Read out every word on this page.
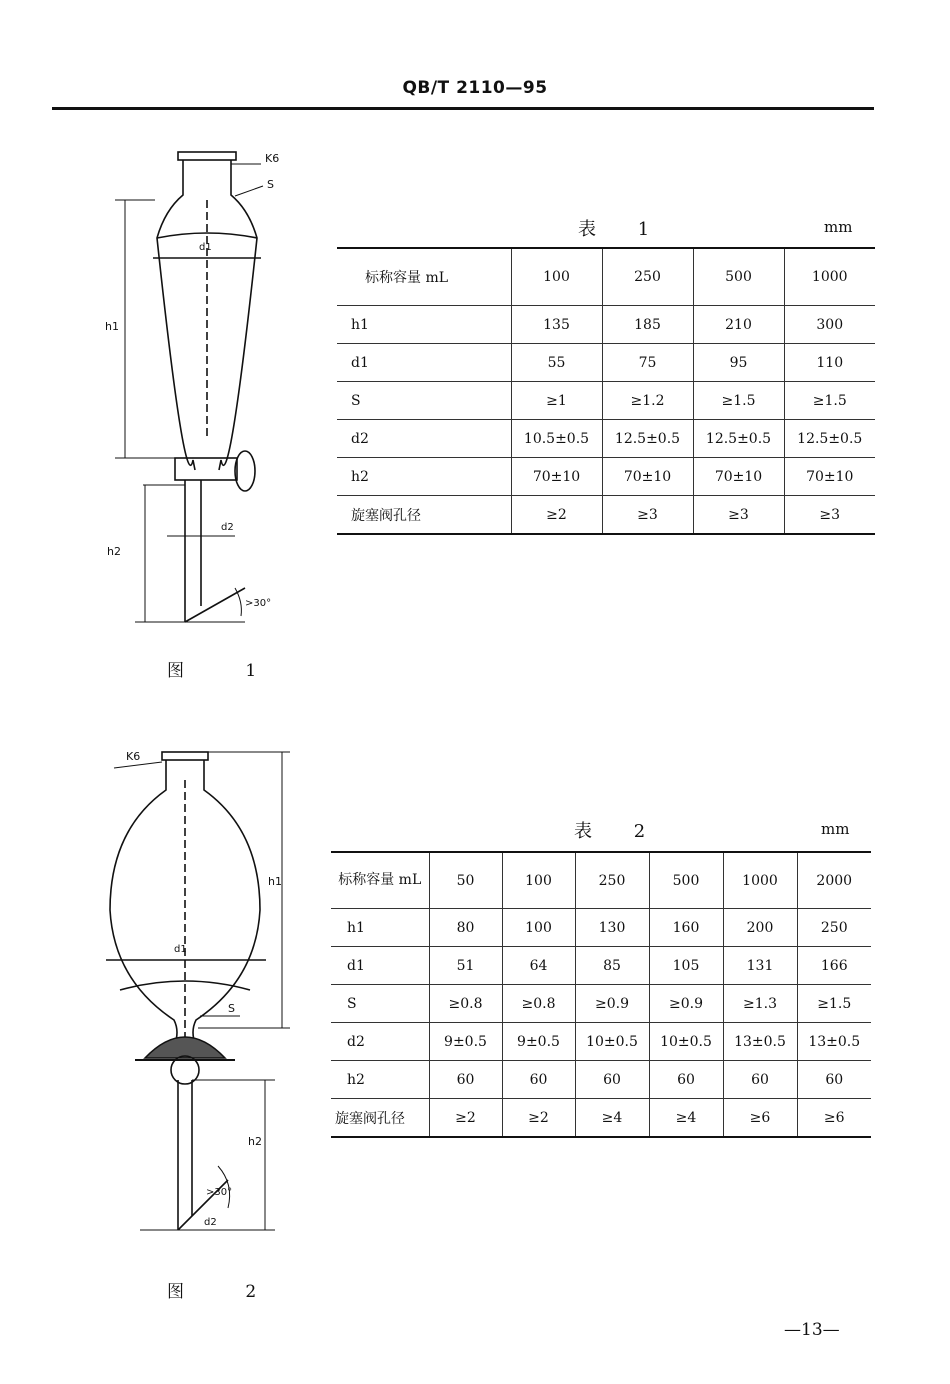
QB/T 2110—95
K6
S
h1
d1
h2
d2
>30°
图 1
表 1	mm
标称容量 mL	100	250	500	1000
h1	135	185	210	300
d1	55	75	95	110
S	≥1	≥1.2	≥1.5	≥1.5
d2	10.5±0.5	12.5±0.5	12.5±0.5	12.5±0.5
h2	70±10	70±10	70±10	70±10
旋塞阀孔径	≥2	≥3	≥3	≥3
K6
S
h1
d1
h2
d2
>30°
图 2
表 2	mm
标称容量 mL	50	100	250	500	1000	2000
h1	80	100	130	160	200	250
d1	51	64	85	105	131	166
S	≥0.8	≥0.8	≥0.9	≥0.9	≥1.3	≥1.5
d2	9±0.5	9±0.5	10±0.5	10±0.5	13±0.5	13±0.5
h2	60	60	60	60	60	60
旋塞阀孔径	≥2	≥2	≥4	≥4	≥6	≥6
—13—
